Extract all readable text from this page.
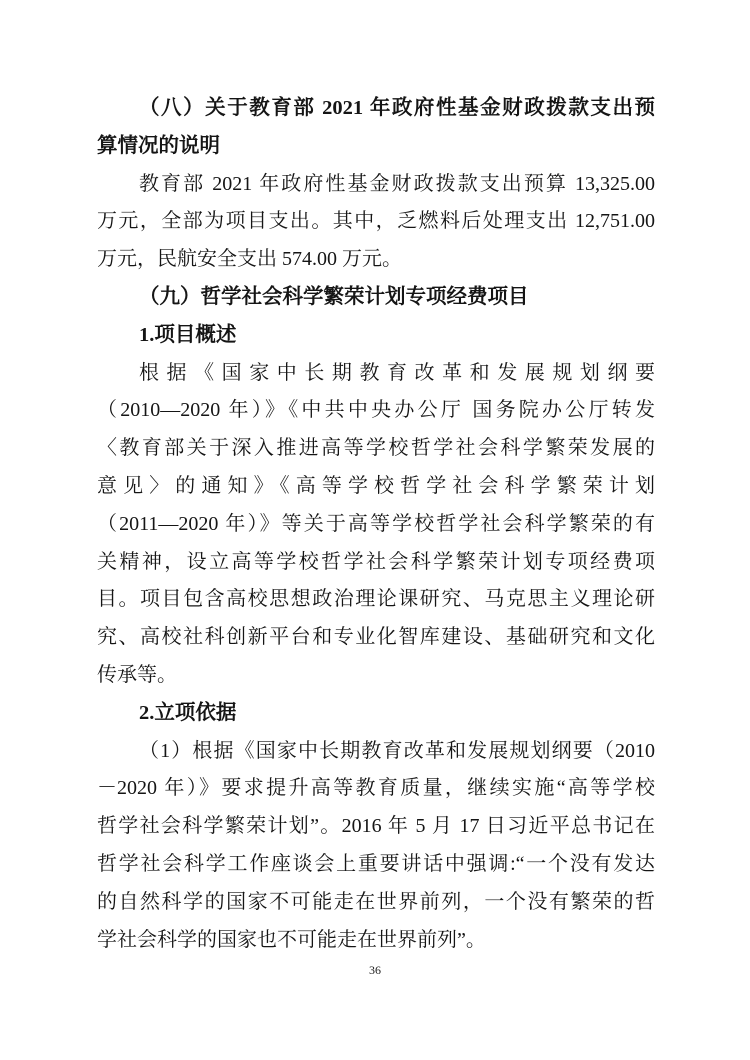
（八）关于教育部 2021 年政府性基金财政拨款支出预
算情况的说明
教育部 2021 年政府性基金财政拨款支出预算 13,325.00
万元，全部为项目支出。其中，乏燃料后处理支出 12,751.00
万元，民航安全支出 574.00 万元。
（九）哲学社会科学繁荣计划专项经费项目
1.项目概述
根据《国家中长期教育改革和发展规划纲要
（2010—2020 年）》《中共中央办公厅 国务院办公厅转发
〈教育部关于深入推进高等学校哲学社会科学繁荣发展的
意见〉的通知》《高等学校哲学社会科学繁荣计划
（2011—2020 年）》等关于高等学校哲学社会科学繁荣的有
关精神，设立高等学校哲学社会科学繁荣计划专项经费项
目。项目包含高校思想政治理论课研究、马克思主义理论研
究、高校社科创新平台和专业化智库建设、基础研究和文化
传承等。
2.立项依据
（1）根据《国家中长期教育改革和发展规划纲要（2010
－2020 年）》要求提升高等教育质量，继续实施“高等学校
哲学社会科学繁荣计划”。2016 年 5 月 17 日习近平总书记在
哲学社会科学工作座谈会上重要讲话中强调:“一个没有发达
的自然科学的国家不可能走在世界前列，一个没有繁荣的哲
学社会科学的国家也不可能走在世界前列”。
36
